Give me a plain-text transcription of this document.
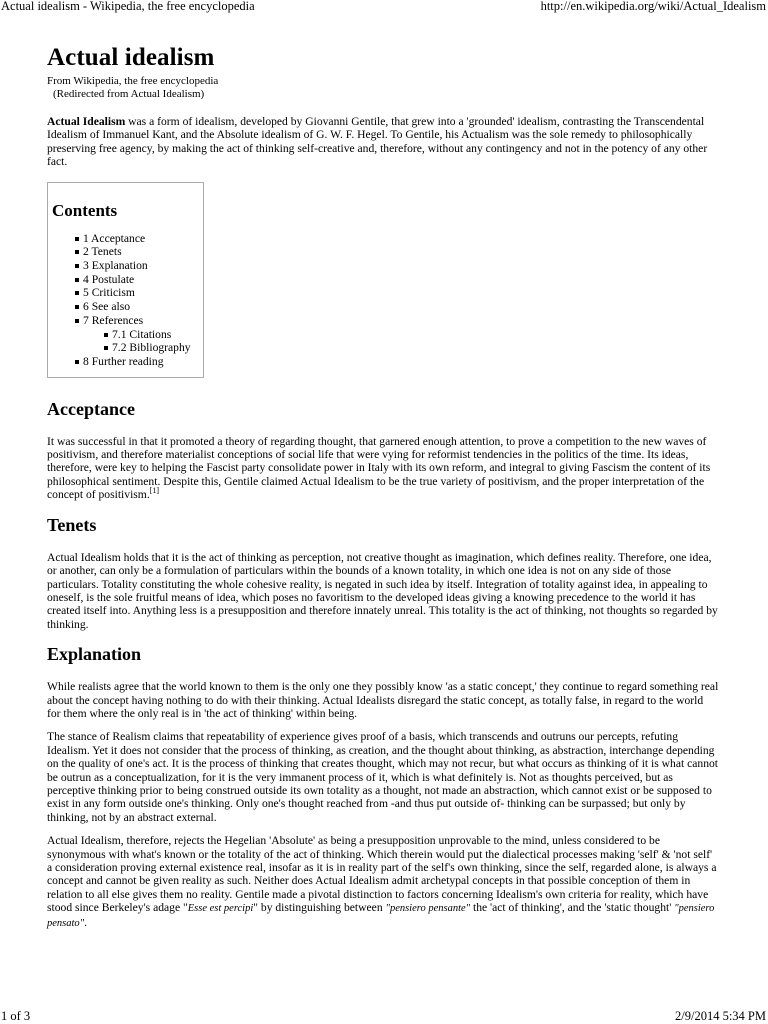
Actual idealism - Wikipedia, the free encyclopedia	http://en.wikipedia.org/wiki/Actual_Idealism
Actual idealism
From Wikipedia, the free encyclopedia
(Redirected from Actual Idealism)

Actual Idealism was a form of idealism, developed by Giovanni Gentile, that grew into a 'grounded' idealism, contrasting the Transcendental Idealism of Immanuel Kant, and the Absolute idealism of G. W. F. Hegel. To Gentile, his Actualism was the sole remedy to philosophically preserving free agency, by making the act of thinking self-creative and, therefore, without any contingency and not in the potency of any other fact.

Contents
1 Acceptance
2 Tenets
3 Explanation
4 Postulate
5 Criticism
6 See also
7 References
7.1 Citations
7.2 Bibliography
8 Further reading
Acceptance

It was successful in that it promoted a theory of regarding thought, that garnered enough attention, to prove a competition to the new waves of positivism, and therefore materialist conceptions of social life that were vying for reformist tendencies in the politics of the time. Its ideas, therefore, were key to helping the Fascist party consolidate power in Italy with its own reform, and integral to giving Fascism the content of its philosophical sentiment. Despite this, Gentile claimed Actual Idealism to be the true variety of positivism, and the proper interpretation of the concept of positivism.[1]

Tenets

Actual Idealism holds that it is the act of thinking as perception, not creative thought as imagination, which defines reality. Therefore, one idea, or another, can only be a formulation of particulars within the bounds of a known totality, in which one idea is not on any side of those particulars. Totality constituting the whole cohesive reality, is negated in such idea by itself. Integration of totality against idea, in appealing to oneself, is the sole fruitful means of idea, which poses no favoritism to the developed ideas giving a knowing precedence to the world it has created itself into. Anything less is a presupposition and therefore innately unreal. This totality is the act of thinking, not thoughts so regarded by thinking.

Explanation

While realists agree that the world known to them is the only one they possibly know 'as a static concept,' they continue to regard something real about the concept having nothing to do with their thinking. Actual Idealists disregard the static concept, as totally false, in regard to the world for them where the only real is in 'the act of thinking' within being.

The stance of Realism claims that repeatability of experience gives proof of a basis, which transcends and outruns our percepts, refuting Idealism. Yet it does not consider that the process of thinking, as creation, and the thought about thinking, as abstraction, interchange depending on the quality of one's act. It is the process of thinking that creates thought, which may not recur, but what occurs as thinking of it is what cannot be outrun as a conceptualization, for it is the very immanent process of it, which is what definitely is. Not as thoughts perceived, but as perceptive thinking prior to being construed outside its own totality as a thought, not made an abstraction, which cannot exist or be supposed to exist in any form outside one's thinking. Only one's thought reached from -and thus put outside of- thinking can be surpassed; but only by thinking, not by an abstract external.

Actual Idealism, therefore, rejects the Hegelian 'Absolute' as being a presupposition unprovable to the mind, unless considered to be synonymous with what's known or the totality of the act of thinking. Which therein would put the dialectical processes making 'self' & 'not self' a consideration proving external existence real, insofar as it is in reality part of the self's own thinking, since the self, regarded alone, is always a concept and cannot be given reality as such. Neither does Actual Idealism admit archetypal concepts in that possible conception of them in relation to all else gives them no reality. Gentile made a pivotal distinction to factors concerning Idealism's own criteria for reality, which have stood since Berkeley's adage "Esse est percipi" by distinguishing between "pensiero pensante" the 'act of thinking', and the 'static thought' "pensiero pensato".

1 of 3	2/9/2014 5:34 PM
